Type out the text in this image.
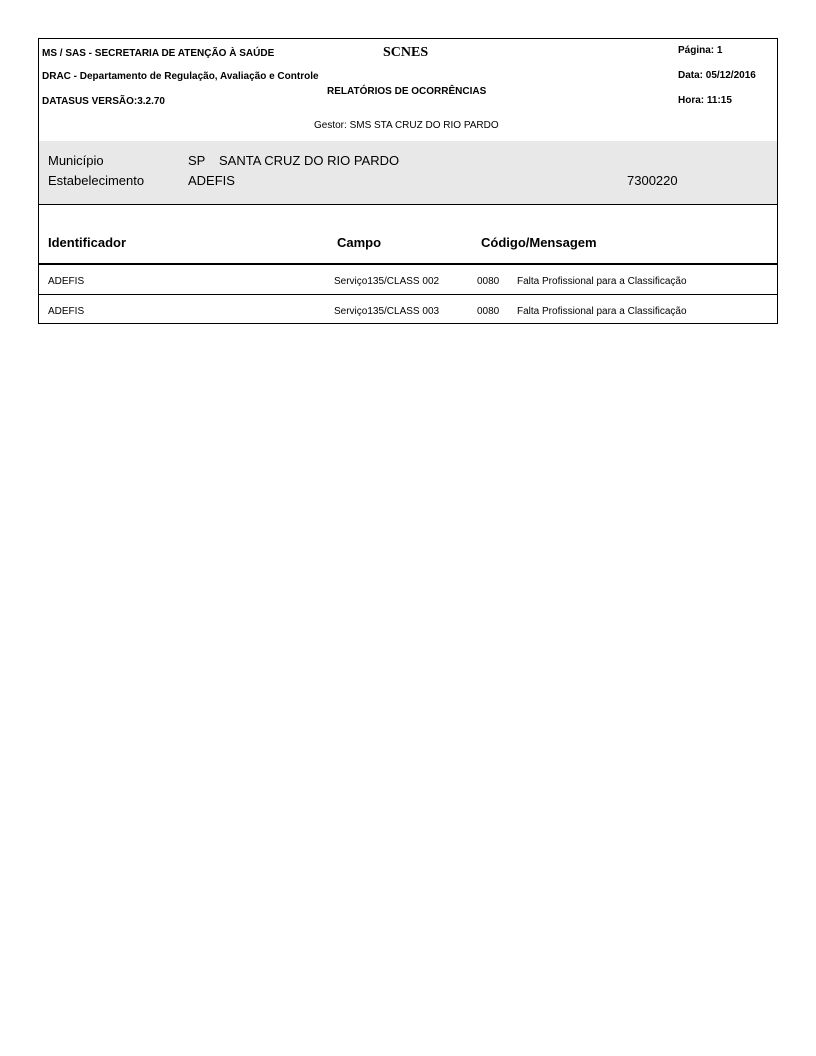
MS / SAS - SECRETARIA DE ATENÇÃO À SAÚDE	SCNES	Página: 1
DRAC - Departamento de Regulação, Avaliação e Controle	Data: 05/12/2016
RELATÓRIOS DE OCORRÊNCIAS
DATASUS VERSÃO:3.2.70	Hora: 11:15
Gestor: SMS STA CRUZ DO RIO PARDO
Município	SP SANTA CRUZ DO RIO PARDO
Estabelecimento	ADEFIS	7300220
Identificador	Campo	Código/Mensagem
ADEFIS	Serviço135/CLASS 002	0080 Falta Profissional para a Classificação
ADEFIS	Serviço135/CLASS 003	0080 Falta Profissional para a Classificação
